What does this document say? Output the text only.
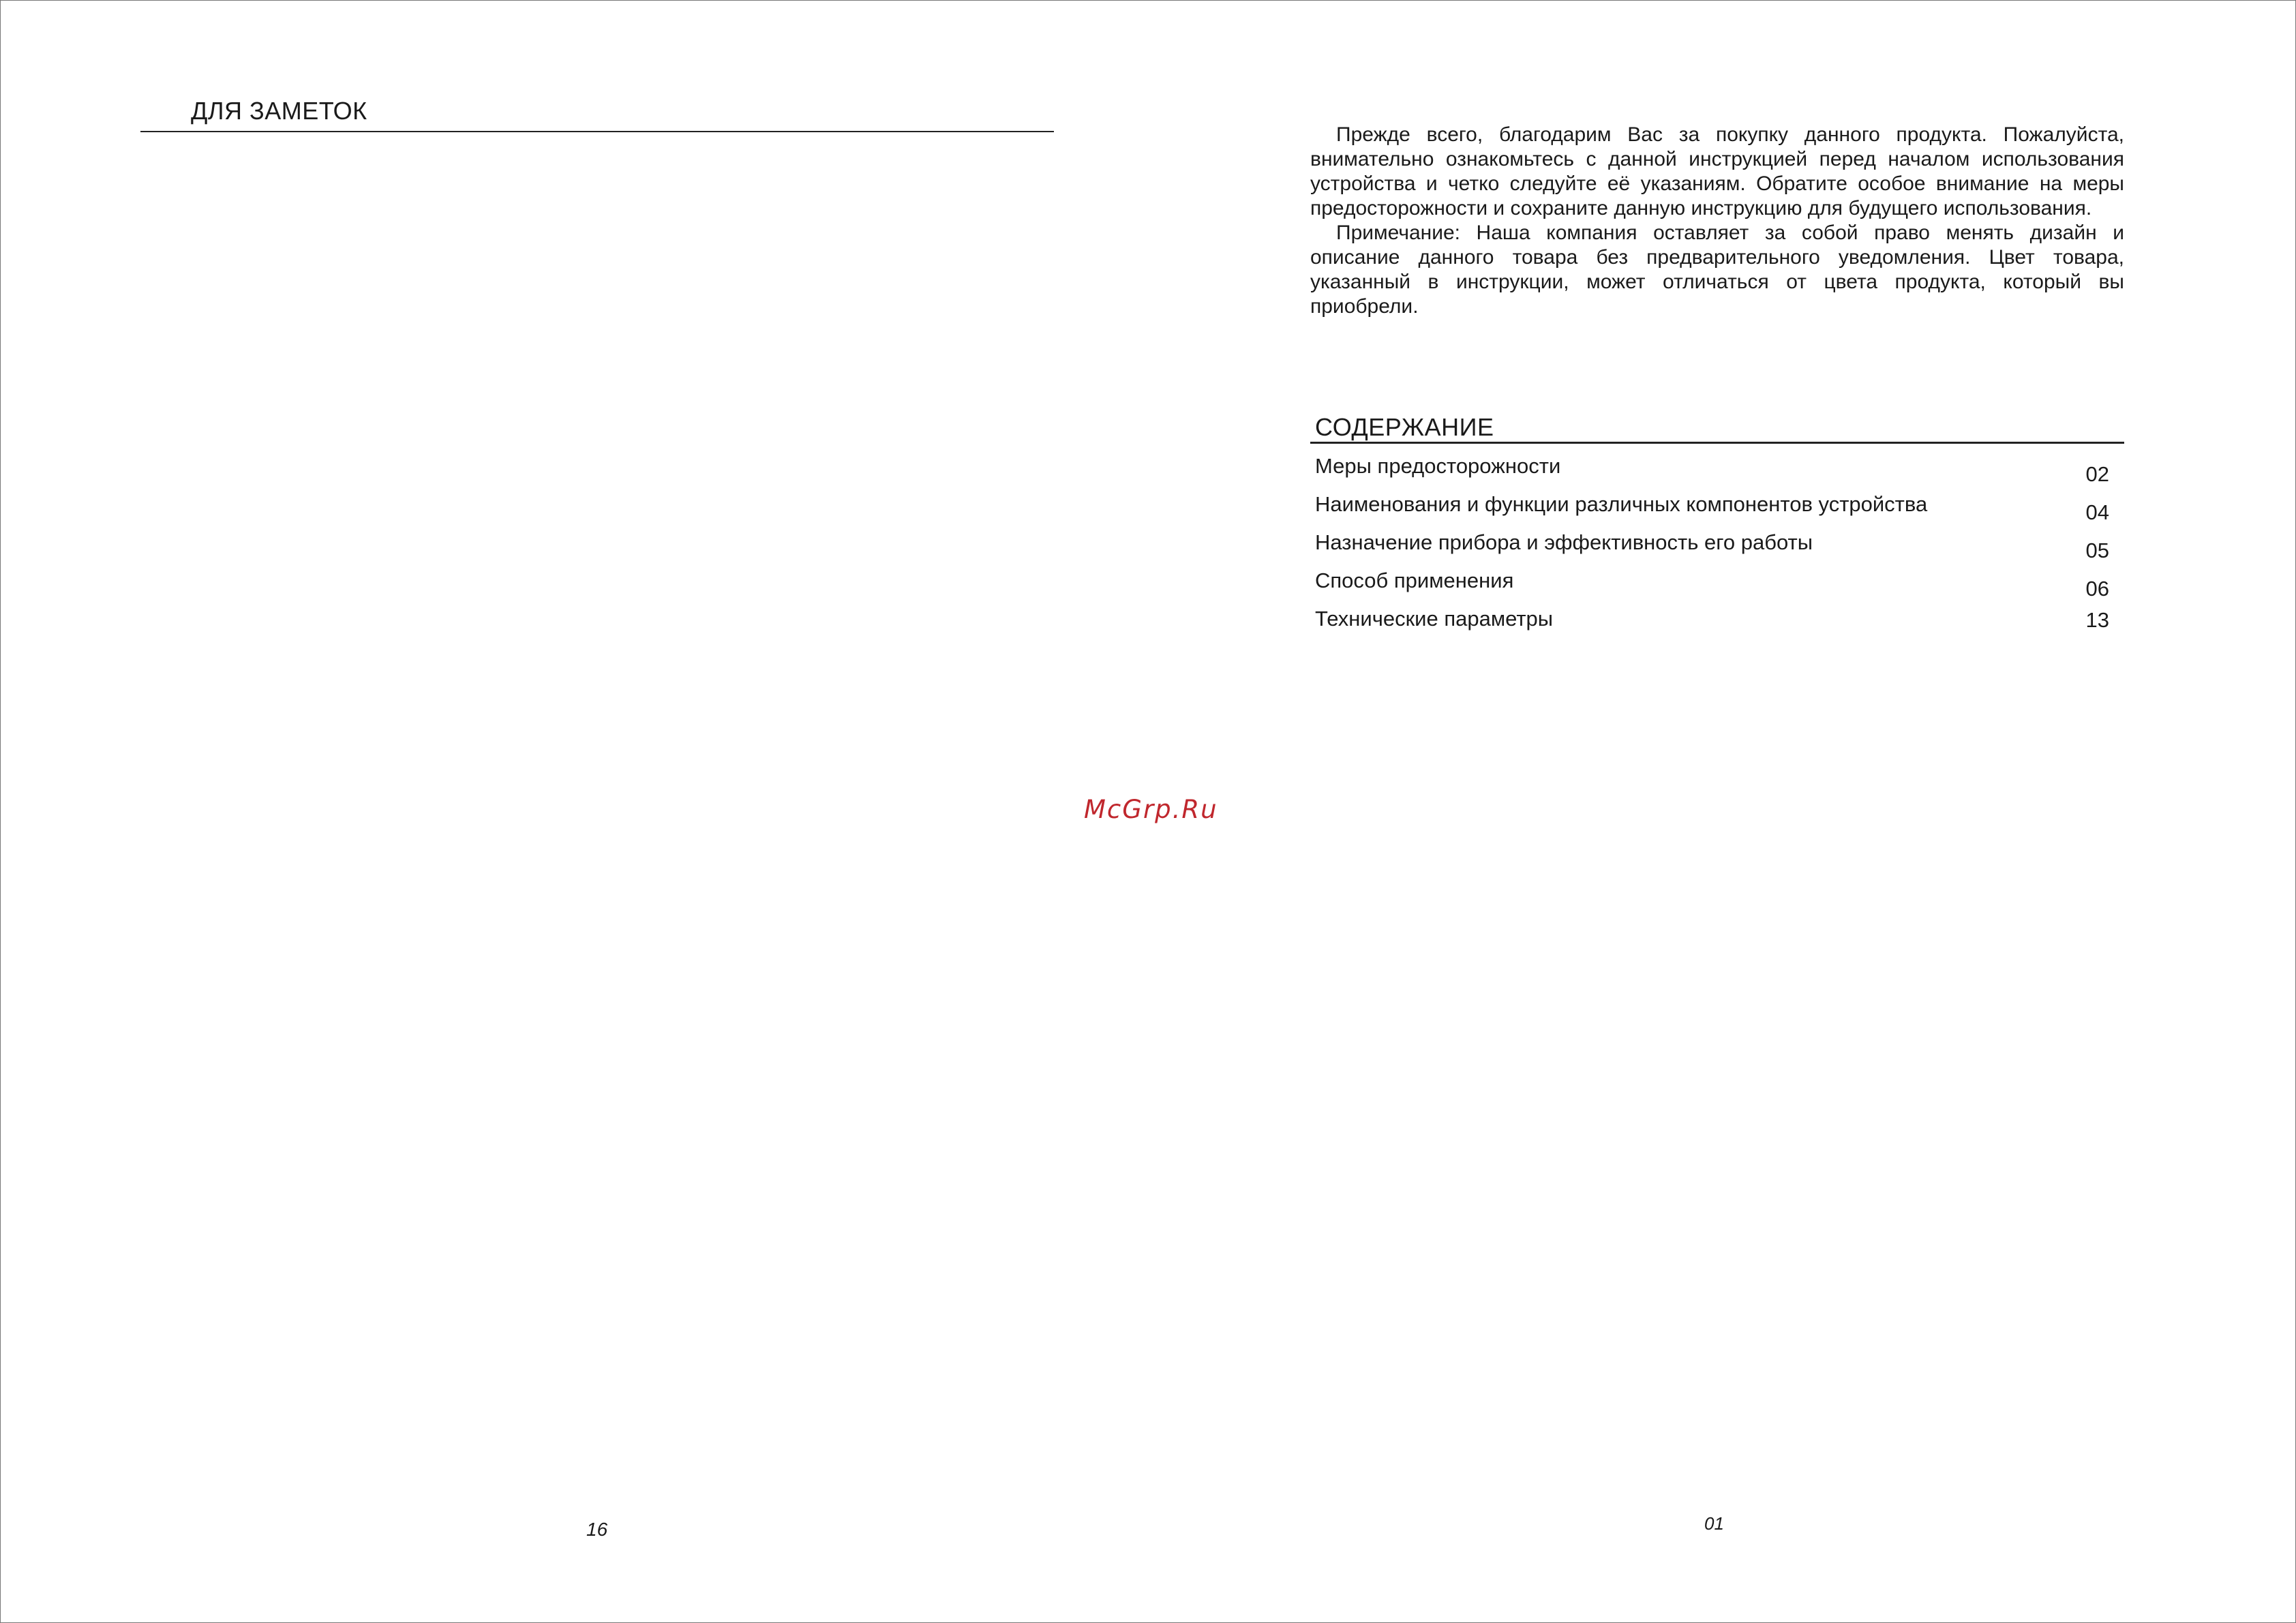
ДЛЯ ЗАМЕТОК
16

Прежде всего, благодарим Вас за покупку данного продукта. Пожалуйста, внимательно ознакомьтесь с данной инструкцией перед началом использования устройства и четко следуйте её указаниям. Обратите особое внимание на меры предосторожности и сохраните данную инструкцию для будущего использования.

Примечание: Наша компания оставляет за собой право менять дизайн и описание данного товара без предварительного уведомления. Цвет товара, указанный в инструкции, может отличаться от цвета продукта, который вы приобрели.

СОДЕРЖАНИЕ
Меры предосторожности	02
Наименования и функции различных компонентов устройства	04
Назначение прибора и эффективность его работы	05
Способ применения	06
Технические параметры	13
McGrp.Ru
01
